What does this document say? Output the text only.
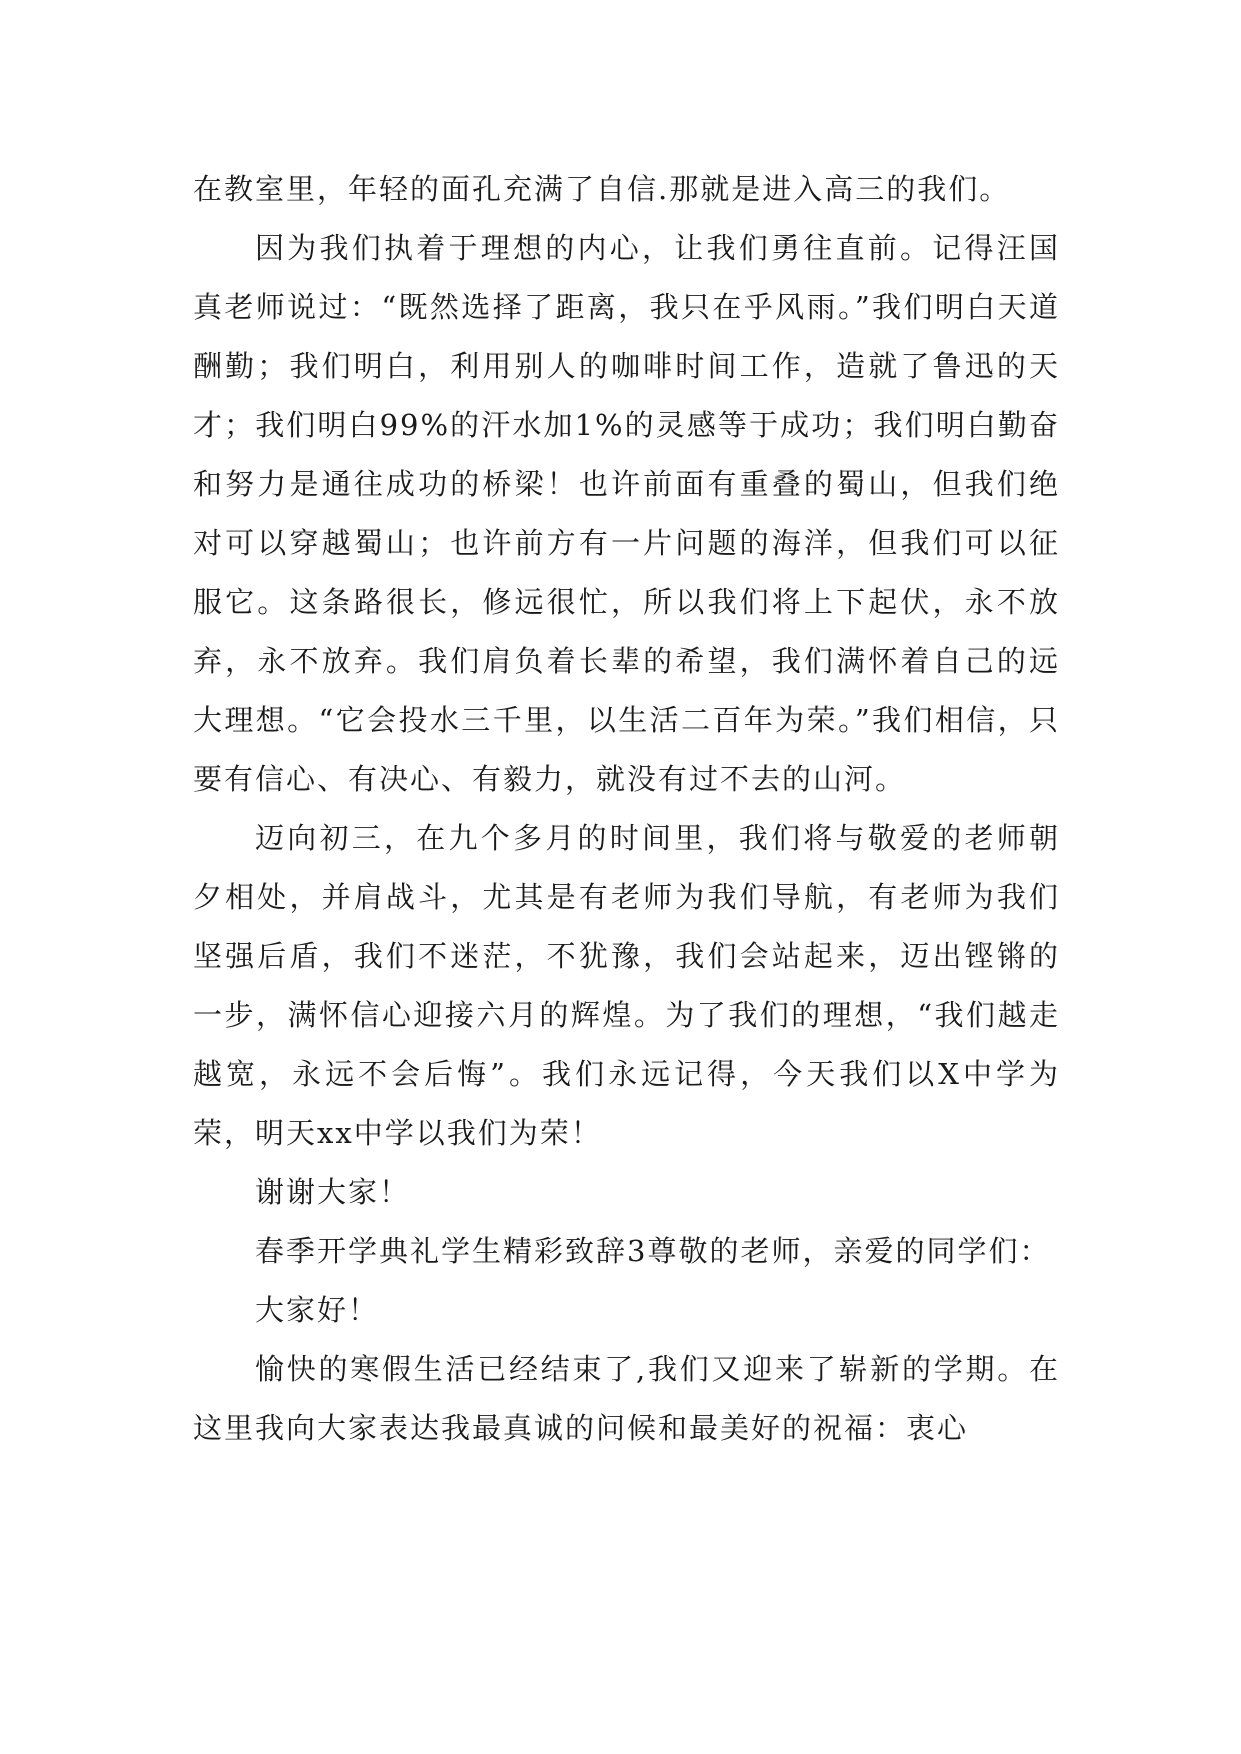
在教室里，年轻的面孔充满了自信.那就是进入高三的我们。

因为我们执着于理想的内心，让我们勇往直前。记得汪国真老师说过：“既然选择了距离，我只在乎风雨。”我们明白天道酬勤；我们明白，利用别人的咖啡时间工作，造就了鲁迅的天才；我们明白99%的汗水加1%的灵感等于成功；我们明白勤奋和努力是通往成功的桥梁！也许前面有重叠的蜀山，但我们绝对可以穿越蜀山；也许前方有一片问题的海洋，但我们可以征服它。这条路很长，修远很忙，所以我们将上下起伏，永不放弃，永不放弃。我们肩负着长辈的希望，我们满怀着自己的远大理想。“它会投水三千里，以生活二百年为荣。”我们相信，只要有信心、有决心、有毅力，就没有过不去的山河。

迈向初三，在九个多月的时间里，我们将与敬爱的老师朝夕相处，并肩战斗，尤其是有老师为我们导航，有老师为我们坚强后盾，我们不迷茫，不犹豫，我们会站起来，迈出铿锵的一步，满怀信心迎接六月的辉煌。为了我们的理想，“我们越走越宽，永远不会后悔”。我们永远记得，今天我们以X中学为荣，明天xx中学以我们为荣！

谢谢大家！

春季开学典礼学生精彩致辞3尊敬的老师，亲爱的同学们：

大家好！

愉快的寒假生活已经结束了,我们又迎来了崭新的学期。在这里我向大家表达我最真诚的问候和最美好的祝福：衷心
